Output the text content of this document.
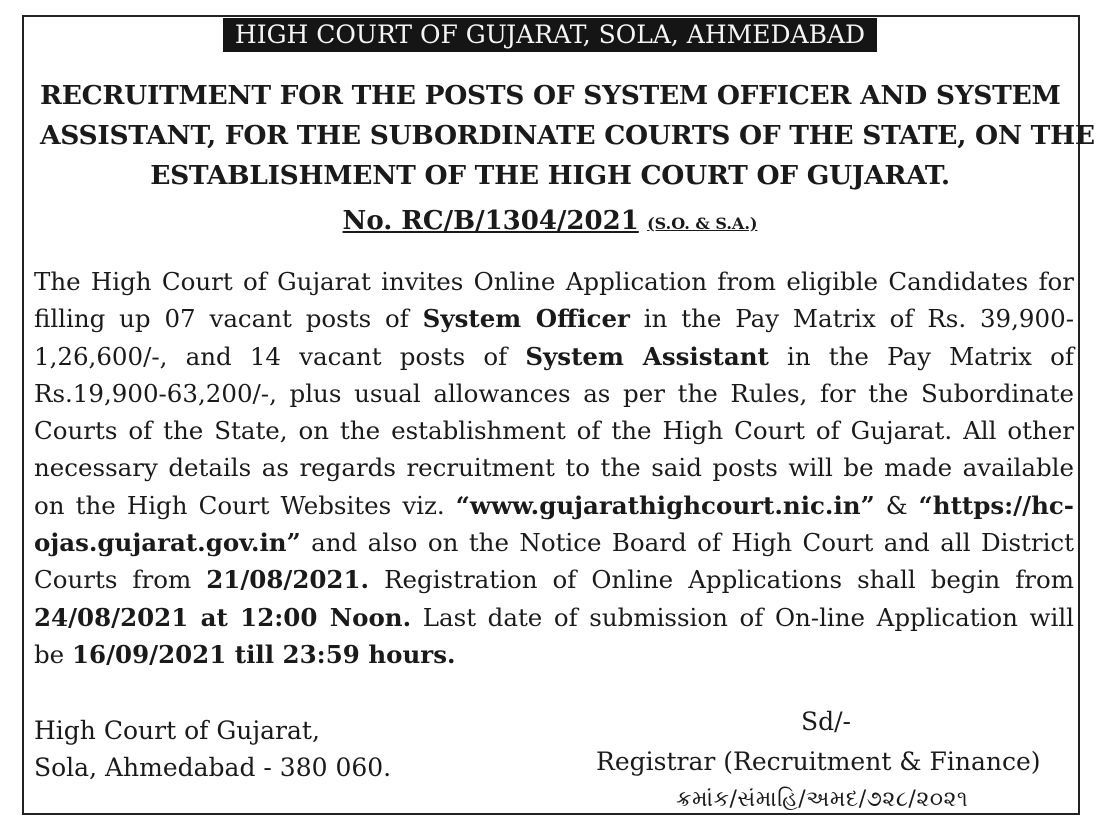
HIGH COURT OF GUJARAT, SOLA, AHMEDABAD
RECRUITMENT FOR THE POSTS OF SYSTEM OFFICER AND SYSTEM
ASSISTANT, FOR THE SUBORDINATE COURTS OF THE STATE, ON THE
ESTABLISHMENT OF THE HIGH COURT OF GUJARAT.
No. RC/B/1304/2021 (S.O. & S.A.)
The High Court of Gujarat invites Online Application from eligible Candidates for
filling up 07 vacant posts of System Officer in the Pay Matrix of Rs. 39,900-
1,26,600/-, and 14 vacant posts of System Assistant in the Pay Matrix of
Rs.19,900-63,200/-, plus usual allowances as per the Rules, for the Subordinate
Courts of the State, on the establishment of the High Court of Gujarat. All other
necessary details as regards recruitment to the said posts will be made available
on the High Court Websites viz. “www.gujarathighcourt.nic.in” & “https://hc-
ojas.gujarat.gov.in” and also on the Notice Board of High Court and all District
Courts from 21/08/2021. Registration of Online Applications shall begin from
24/08/2021 at 12:00 Noon. Last date of submission of On-line Application will
be 16/09/2021 till 23:59 hours.
High Court of Gujarat,
Sola, Ahmedabad - 380 060.
Sd/-
Registrar (Recruitment & Finance)
ક્રમાંક/સંમાહિ/અમદ/૭૨૮/૨૦૨૧
